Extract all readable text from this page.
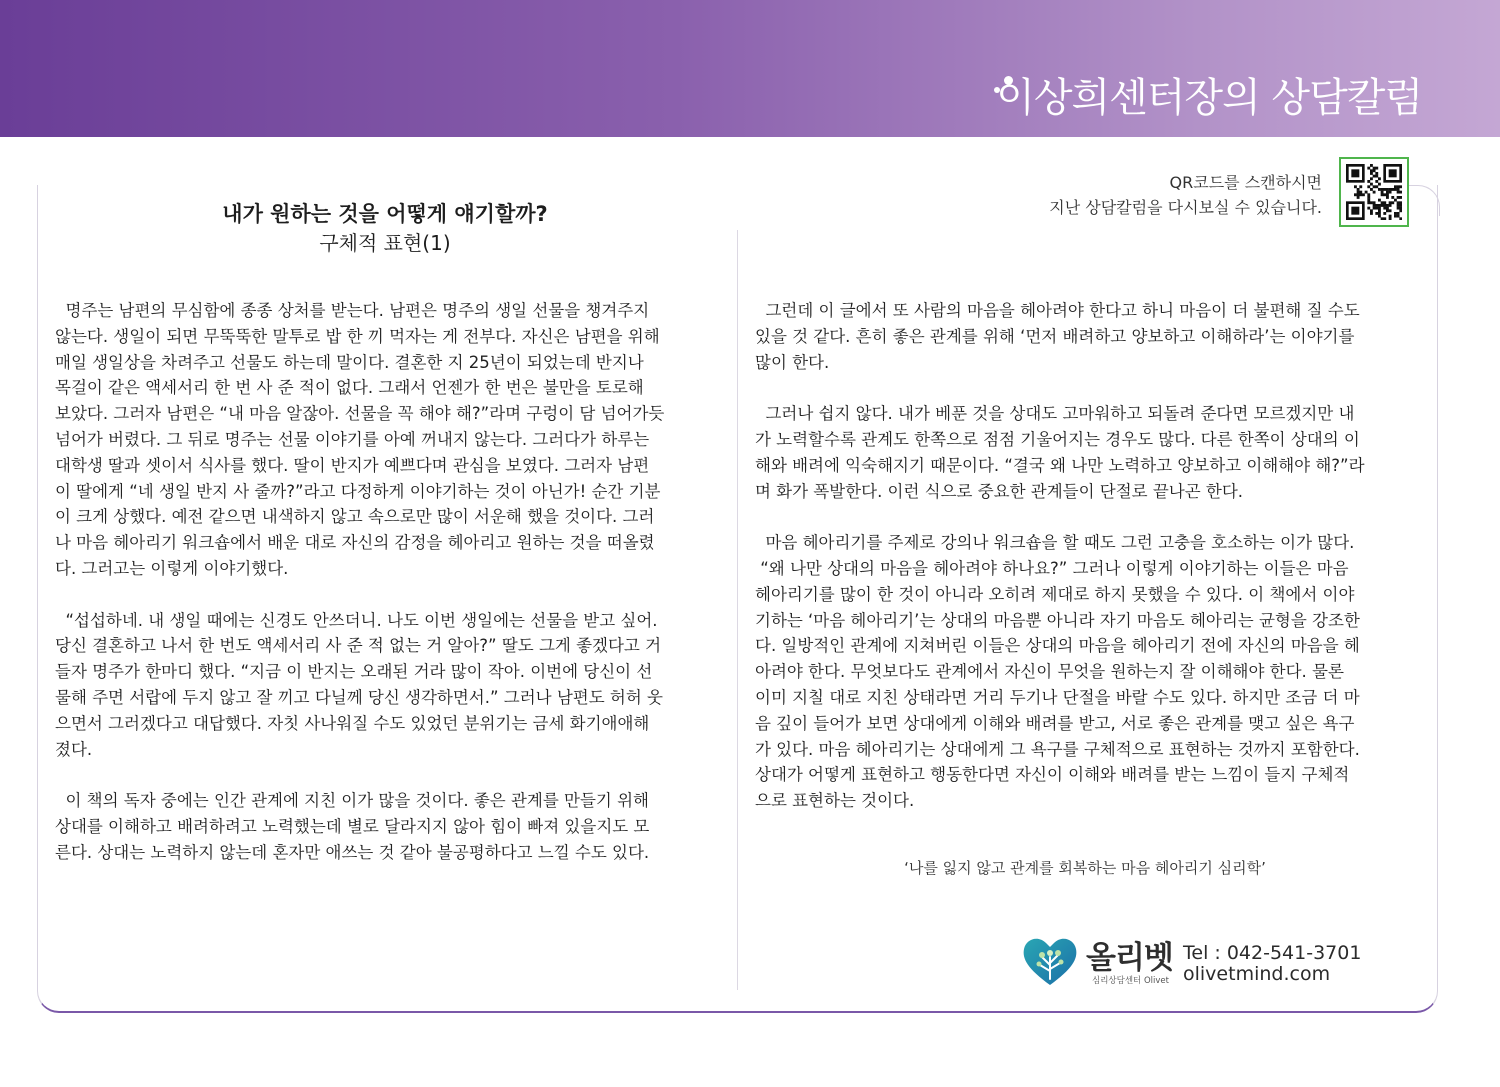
이상희센터장의 상담칼럼
내가 원하는 것을 어떻게 얘기할까?
구체적 표현(1)
QR코드를 스캔하시면
지난 상담칼럼을 다시보실 수 있습니다.

명주는 남편의 무심함에 종종 상처를 받는다. 남편은 명주의 생일 선물을 챙겨주지

않는다. 생일이 되면 무뚝뚝한 말투로 밥 한 끼 먹자는 게 전부다. 자신은 남편을 위해

매일 생일상을 차려주고 선물도 하는데 말이다. 결혼한 지 25년이 되었는데 반지나

목걸이 같은 액세서리 한 번 사 준 적이 없다. 그래서 언젠가 한 번은 불만을 토로해

보았다. 그러자 남편은 “내 마음 알잖아. 선물을 꼭 해야 해?”라며 구렁이 담 넘어가듯

넘어가 버렸다. 그 뒤로 명주는 선물 이야기를 아예 꺼내지 않는다. 그러다가 하루는

대학생 딸과 셋이서 식사를 했다. 딸이 반지가 예쁘다며 관심을 보였다. 그러자 남편

이 딸에게 “네 생일 반지 사 줄까?”라고 다정하게 이야기하는 것이 아닌가! 순간 기분

이 크게 상했다. 예전 같으면 내색하지 않고 속으로만 많이 서운해 했을 것이다. 그러

나 마음 헤아리기 워크숍에서 배운 대로 자신의 감정을 헤아리고 원하는 것을 떠올렸

다. 그러고는 이렇게 이야기했다.

“섭섭하네. 내 생일 때에는 신경도 안쓰더니. 나도 이번 생일에는 선물을 받고 싶어.

당신 결혼하고 나서 한 번도 액세서리 사 준 적 없는 거 알아?” 딸도 그게 좋겠다고 거

들자 명주가 한마디 했다. “지금 이 반지는 오래된 거라 많이 작아. 이번에 당신이 선

물해 주면 서랍에 두지 않고 잘 끼고 다닐께 당신 생각하면서.” 그러나 남편도 허허 웃

으면서 그러겠다고 대답했다. 자칫 사나워질 수도 있었던 분위기는 금세 화기애애해

졌다.

이 책의 독자 중에는 인간 관계에 지친 이가 많을 것이다. 좋은 관계를 만들기 위해

상대를 이해하고 배려하려고 노력했는데 별로 달라지지 않아 힘이 빠져 있을지도 모

른다. 상대는 노력하지 않는데 혼자만 애쓰는 것 같아 불공평하다고 느낄 수도 있다.

그런데 이 글에서 또 사람의 마음을 헤아려야 한다고 하니 마음이 더 불편해 질 수도

있을 것 같다. 흔히 좋은 관계를 위해 ‘먼저 배려하고 양보하고 이해하라’는 이야기를

많이 한다.

그러나 쉽지 않다. 내가 베푼 것을 상대도 고마워하고 되돌려 준다면 모르겠지만 내

가 노력할수록 관계도 한쪽으로 점점 기울어지는 경우도 많다. 다른 한쪽이 상대의 이

해와 배려에 익숙해지기 때문이다. “결국 왜 나만 노력하고 양보하고 이해해야 해?”라

며 화가 폭발한다. 이런 식으로 중요한 관계들이 단절로 끝나곤 한다.

마음 헤아리기를 주제로 강의나 워크숍을 할 때도 그런 고충을 호소하는 이가 많다.

“왜 나만 상대의 마음을 헤아려야 하나요?” 그러나 이렇게 이야기하는 이들은 마음

헤아리기를 많이 한 것이 아니라 오히려 제대로 하지 못했을 수 있다. 이 책에서 이야

기하는 ‘마음 헤아리기’는 상대의 마음뿐 아니라 자기 마음도 헤아리는 균형을 강조한

다. 일방적인 관계에 지쳐버린 이들은 상대의 마음을 헤아리기 전에 자신의 마음을 헤

아려야 한다. 무엇보다도 관계에서 자신이 무엇을 원하는지 잘 이해해야 한다. 물론

이미 지칠 대로 지친 상태라면 거리 두기나 단절을 바랄 수도 있다. 하지만 조금 더 마

음 깊이 들어가 보면 상대에게 이해와 배려를 받고, 서로 좋은 관계를 맺고 싶은 욕구

가 있다. 마음 헤아리기는 상대에게 그 욕구를 구체적으로 표현하는 것까지 포함한다.

상대가 어떻게 표현하고 행동한다면 자신이 이해와 배려를 받는 느낌이 들지 구체적

으로 표현하는 것이다.

‘나를 잃지 않고 관계를 회복하는 마음 헤아리기 심리학’
올리벳
심리상담센터 Olivet
Tel : 042-541-3701
olivetmind.com
